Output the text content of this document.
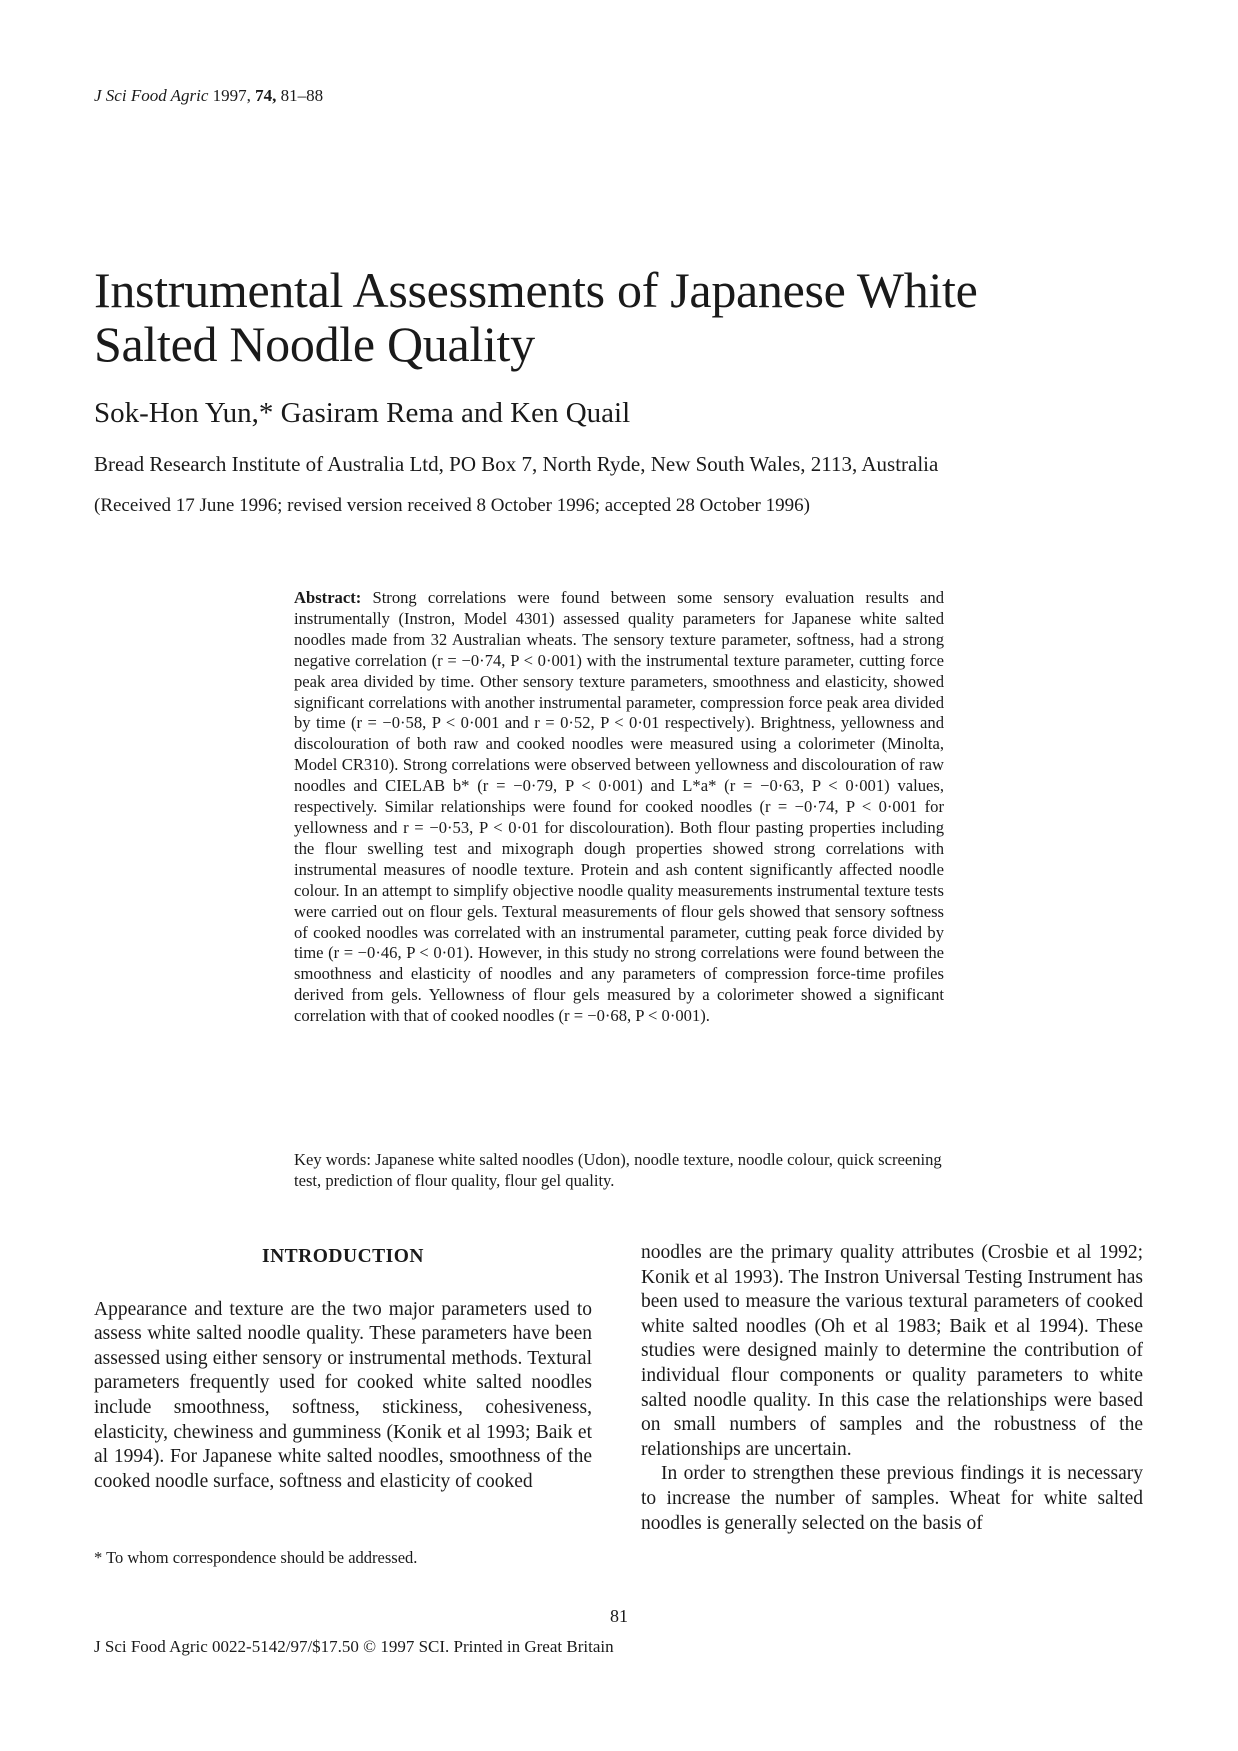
J Sci Food Agric 1997, 74, 81–88
Instrumental Assessments of Japanese White
Salted Noodle Quality
Sok-Hon Yun,* Gasiram Rema and Ken Quail
Bread Research Institute of Australia Ltd, PO Box 7, North Ryde, New South Wales, 2113, Australia
(Received 17 June 1996; revised version received 8 October 1996; accepted 28 October 1996)
Abstract: Strong correlations were found between some sensory evaluation results and instrumentally (Instron, Model 4301) assessed quality parameters for Japanese white salted noodles made from 32 Australian wheats. The sensory texture parameter, softness, had a strong negative correlation (r = −0·74, P < 0·001) with the instrumental texture parameter, cutting force peak area divided by time. Other sensory texture parameters, smoothness and elasticity, showed significant correlations with another instrumental parameter, compression force peak area divided by time (r = −0·58, P < 0·001 and r = 0·52, P < 0·01 respectively). Brightness, yellowness and discolouration of both raw and cooked noodles were measured using a colorimeter (Minolta, Model CR310). Strong correlations were observed between yellowness and discolouration of raw noodles and CIELAB b* (r = −0·79, P < 0·001) and L*a* (r = −0·63, P < 0·001) values, respectively. Similar relationships were found for cooked noodles (r = −0·74, P < 0·001 for yellowness and r = −0·53, P < 0·01 for discolouration). Both flour pasting properties including the flour swelling test and mixograph dough properties showed strong correlations with instrumental measures of noodle texture. Protein and ash content significantly affected noodle colour. In an attempt to simplify objective noodle quality measurements instrumental texture tests were carried out on flour gels. Textural measurements of flour gels showed that sensory softness of cooked noodles was correlated with an instrumental parameter, cutting peak force divided by time (r = −0·46, P < 0·01). However, in this study no strong correlations were found between the smoothness and elasticity of noodles and any parameters of compression force-time profiles derived from gels. Yellowness of flour gels measured by a colorimeter showed a significant correlation with that of cooked noodles (r = −0·68, P < 0·001).
Key words: Japanese white salted noodles (Udon), noodle texture, noodle colour, quick screening test, prediction of flour quality, flour gel quality.
INTRODUCTION

Appearance and texture are the two major parameters used to assess white salted noodle quality. These parameters have been assessed using either sensory or instrumental methods. Textural parameters frequently used for cooked white salted noodles include smoothness, softness, stickiness, cohesiveness, elasticity, chewiness and gumminess (Konik et al 1993; Baik et al 1994). For Japanese white salted noodles, smoothness of the cooked noodle surface, softness and elasticity of cooked

noodles are the primary quality attributes (Crosbie et al 1992; Konik et al 1993). The Instron Universal Testing Instrument has been used to measure the various textural parameters of cooked white salted noodles (Oh et al 1983; Baik et al 1994). These studies were designed mainly to determine the contribution of individual flour components or quality parameters to white salted noodle quality. In this case the relationships were based on small numbers of samples and the robustness of the relationships are uncertain.

In order to strengthen these previous findings it is necessary to increase the number of samples. Wheat for white salted noodles is generally selected on the basis of

* To whom correspondence should be addressed.
81
J Sci Food Agric 0022-5142/97/$17.50 © 1997 SCI. Printed in Great Britain
